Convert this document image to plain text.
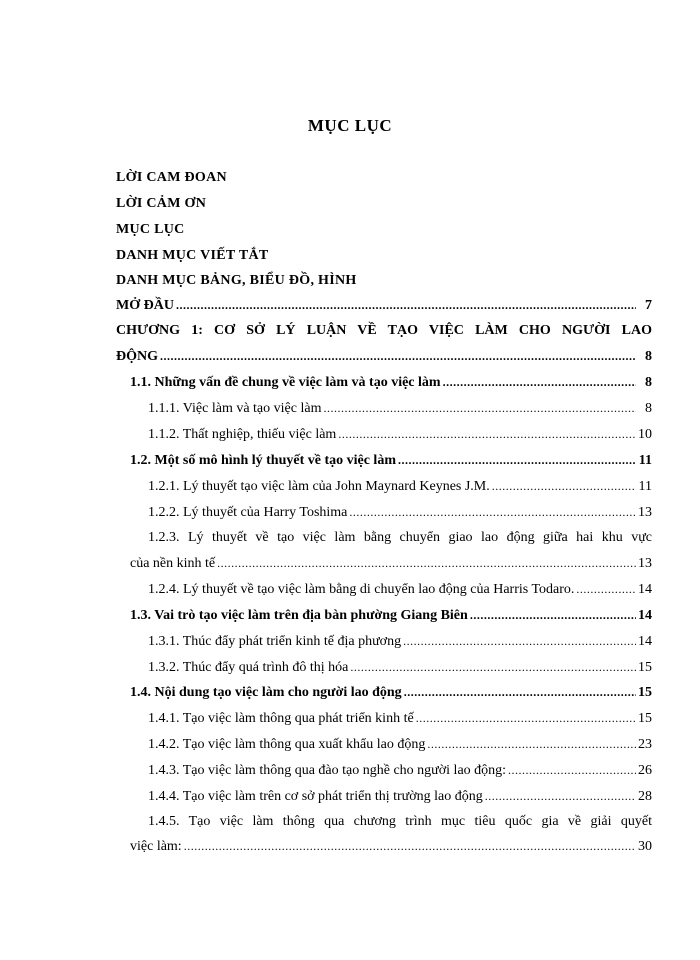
MỤC LỤC
LỜI CAM ĐOAN
LỜI CẢM ƠN
MỤC LỤC
DANH MỤC VIẾT TẮT
DANH MỤC BẢNG, BIỂU ĐỒ, HÌNH
MỞ ĐẦU .....	7
CHƯƠNG 1: CƠ SỞ LÝ LUẬN VỀ TẠO VIỆC LÀM CHO NGƯỜI LAO
ĐỘNG .....	8
1.1. Những vấn đề chung về việc làm và tạo việc làm .....	8
1.1.1. Việc làm và tạo việc làm .....	8
1.1.2. Thất nghiệp, thiếu việc làm .....	10
1.2. Một số mô hình lý thuyết về tạo việc làm .....	11
1.2.1. Lý thuyết tạo việc làm của John Maynard Keynes J.M. .....	11
1.2.2. Lý thuyết của Harry Toshima .....	13
1.2.3. Lý thuyết về tạo việc làm bằng chuyển giao lao động giữa hai khu vực
của nền kinh tế .....	13
1.2.4. Lý thuyết về tạo việc làm bằng di chuyển lao động của Harris Todaro. .....	14
1.3. Vai trò tạo việc làm trên địa bàn phường Giang Biên .....	14
1.3.1. Thúc đẩy phát triển kinh tế địa phương .....	14
1.3.2. Thúc đẩy quá trình đô thị hóa .....	15
1.4. Nội dung tạo việc làm cho người lao động .....	15
1.4.1. Tạo việc làm thông qua phát triển kinh tế .....	15
1.4.2. Tạo việc làm thông qua xuất khẩu lao động .....	23
1.4.3. Tạo việc làm thông qua đào tạo nghề cho người lao động: .....	26
1.4.4. Tạo việc làm trên cơ sở phát triển thị trường lao động .....	28
1.4.5. Tạo việc làm thông qua chương trình mục tiêu quốc gia về giải quyết
việc làm: .....	30
